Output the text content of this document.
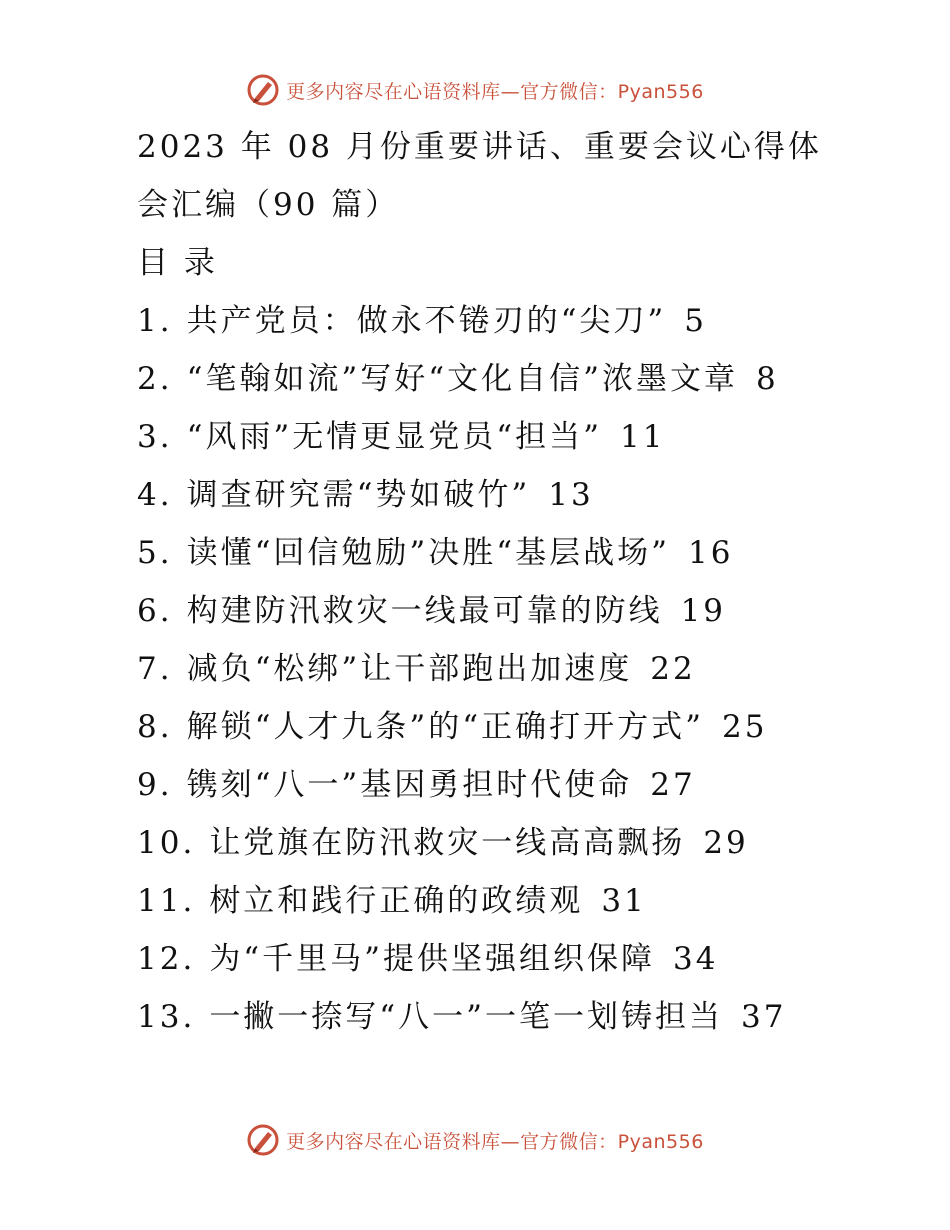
更多内容尽在心语资料库—官方微信：Pyan556
2023 年 08 月份重要讲话、重要会议心得体
会汇编（90 篇）
目 录
1. 共产党员：做永不锩刃的“尖刀” 5
2. “笔翰如流”写好“文化自信”浓墨文章 8
3. “风雨”无情更显党员“担当” 11
4. 调查研究需“势如破竹” 13
5. 读懂“回信勉励”决胜“基层战场” 16
6. 构建防汛救灾一线最可靠的防线 19
7. 减负“松绑”让干部跑出加速度 22
8. 解锁“人才九条”的“正确打开方式” 25
9. 镌刻“八一”基因勇担时代使命 27
10. 让党旗在防汛救灾一线高高飘扬 29
11. 树立和践行正确的政绩观 31
12. 为“千里马”提供坚强组织保障 34
13. 一撇一捺写“八一”一笔一划铸担当 37
更多内容尽在心语资料库—官方微信：Pyan556
